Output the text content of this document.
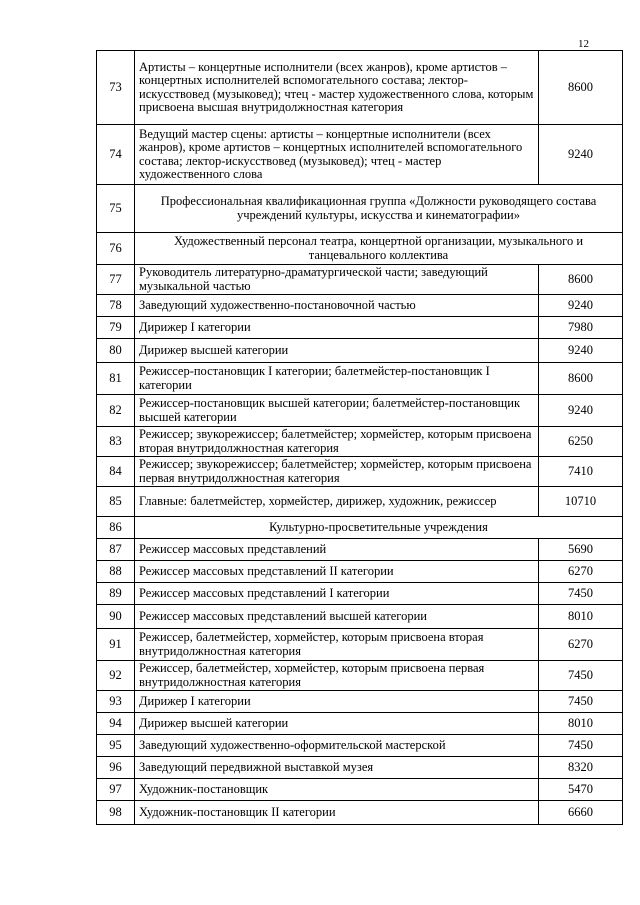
12
73	Артисты – концертные исполнители (всех жанров), кроме артистов – концертных исполнителей вспомогательного состава; лектор-искусствовед (музыковед); чтец - мастер художественного слова, которым присвоена высшая внутридолжностная категория	8600
74	Ведущий мастер сцены: артисты – концертные исполнители (всех жанров), кроме артистов – концертных исполнителей вспомогательного состава; лектор-искусствовед (музыковед); чтец - мастер художественного слова	9240
75	Профессиональная квалификационная группа «Должности руководящего состава учреждений культуры, искусства и кинематографии»	
76	Художественный персонал театра, концертной организации, музыкального и танцевального коллектива	
77	Руководитель литературно-драматургической части; заведующий музыкальной частью	8600
78	Заведующий художественно-постановочной частью	9240
79	Дирижер I категории	7980
80	Дирижер высшей категории	9240
81	Режиссер-постановщик I категории; балетмейстер-постановщик I категории	8600
82	Режиссер-постановщик высшей категории; балетмейстер-постановщик высшей категории	9240
83	Режиссер; звукорежиссер; балетмейстер; хормейстер, которым присвоена вторая внутридолжностная категория	6250
84	Режиссер; звукорежиссер; балетмейстер; хормейстер, которым присвоена первая внутридолжностная категория	7410
85	Главные: балетмейстер, хормейстер, дирижер, художник, режиссер	10710
86	Культурно-просветительные учреждения	
87	Режиссер массовых представлений	5690
88	Режиссер массовых представлений II категории	6270
89	Режиссер массовых представлений I категории	7450
90	Режиссер массовых представлений высшей категории	8010
91	Режиссер, балетмейстер, хормейстер, которым присвоена вторая внутридолжностная категория	6270
92	Режиссер, балетмейстер, хормейстер, которым присвоена первая внутридолжностная категория	7450
93	Дирижер I категории	7450
94	Дирижер высшей категории	8010
95	Заведующий художественно-оформительской мастерской	7450
96	Заведующий передвижной выставкой музея	8320
97	Художник-постановщик	5470
98	Художник-постановщик II категории	6660
